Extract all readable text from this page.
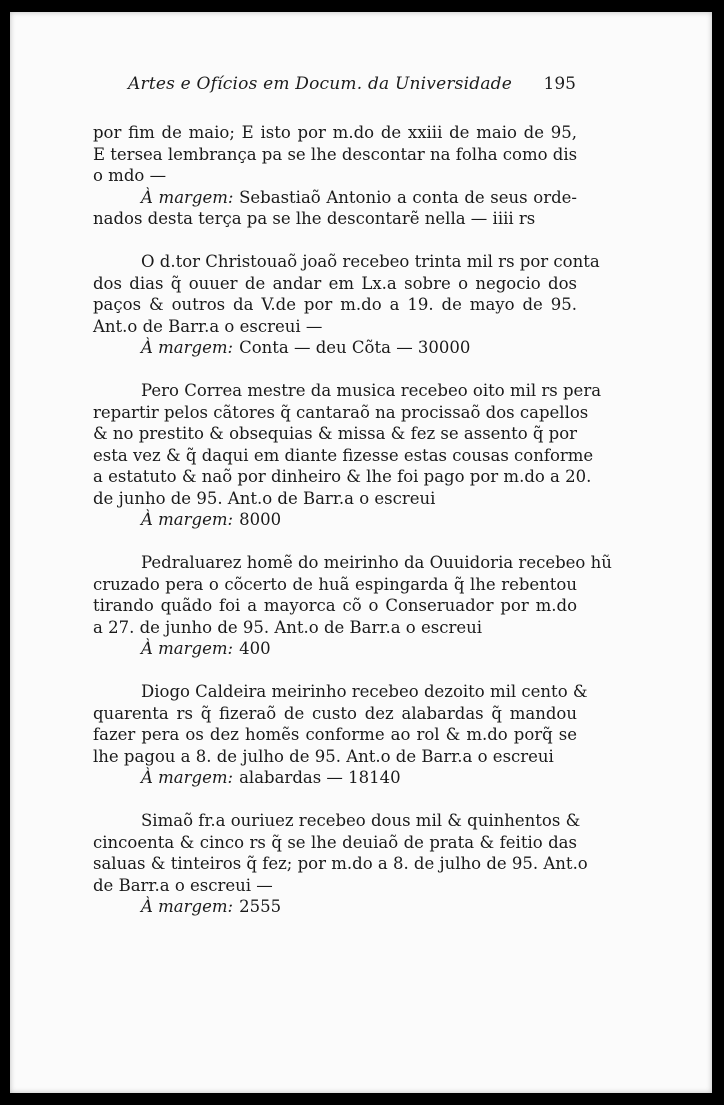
Artes e Ofícios em Docum. da Universidade 195
por fim de maio; E isto por m.do de xxiii de maio de 95,
E tersea lembrança pa se lhe descontar na folha como dis
o mdo —
À margem: Sebastiaõ Antonio a conta de seus orde-
nados desta terça pa se lhe descontarẽ nella — iiii rs
O d.tor Christouaõ joaõ recebeo trinta mil rs por conta
dos dias q̃ ouuer de andar em Lx.a sobre o negocio dos
paços & outros da V.de por m.do a 19. de mayo de 95.
Ant.o de Barr.a o escreui —
À margem: Conta — deu Cõta — 30000
Pero Correa mestre da musica recebeo oito mil rs pera
repartir pelos cãtores q̃ cantaraõ na procissaõ dos capellos
& no prestito & obsequias & missa & fez se assento q̃ por
esta vez & q̃ daqui em diante fizesse estas cousas conforme
a estatuto & naõ por dinheiro & lhe foi pago por m.do a 20.
de junho de 95. Ant.o de Barr.a o escreui
À margem: 8000
Pedraluarez homẽ do meirinho da Ouuidoria recebeo hũ
cruzado pera o cõcerto de huã espingarda q̃ lhe rebentou
tirando quãdo foi a mayorca cõ o Conseruador por m.do
a 27. de junho de 95. Ant.o de Barr.a o escreui
À margem: 400
Diogo Caldeira meirinho recebeo dezoito mil cento &
quarenta rs q̃ fizeraõ de custo dez alabardas q̃ mandou
fazer pera os dez homẽs conforme ao rol & m.do porq̃ se
lhe pagou a 8. de julho de 95. Ant.o de Barr.a o escreui
À margem: alabardas — 18140
Simaõ fr.a ouriuez recebeo dous mil & quinhentos &
cincoenta & cinco rs q̃ se lhe deuiaõ de prata & feitio das
saluas & tinteiros q̃ fez; por m.do a 8. de julho de 95. Ant.o
de Barr.a o escreui —
À margem: 2555
